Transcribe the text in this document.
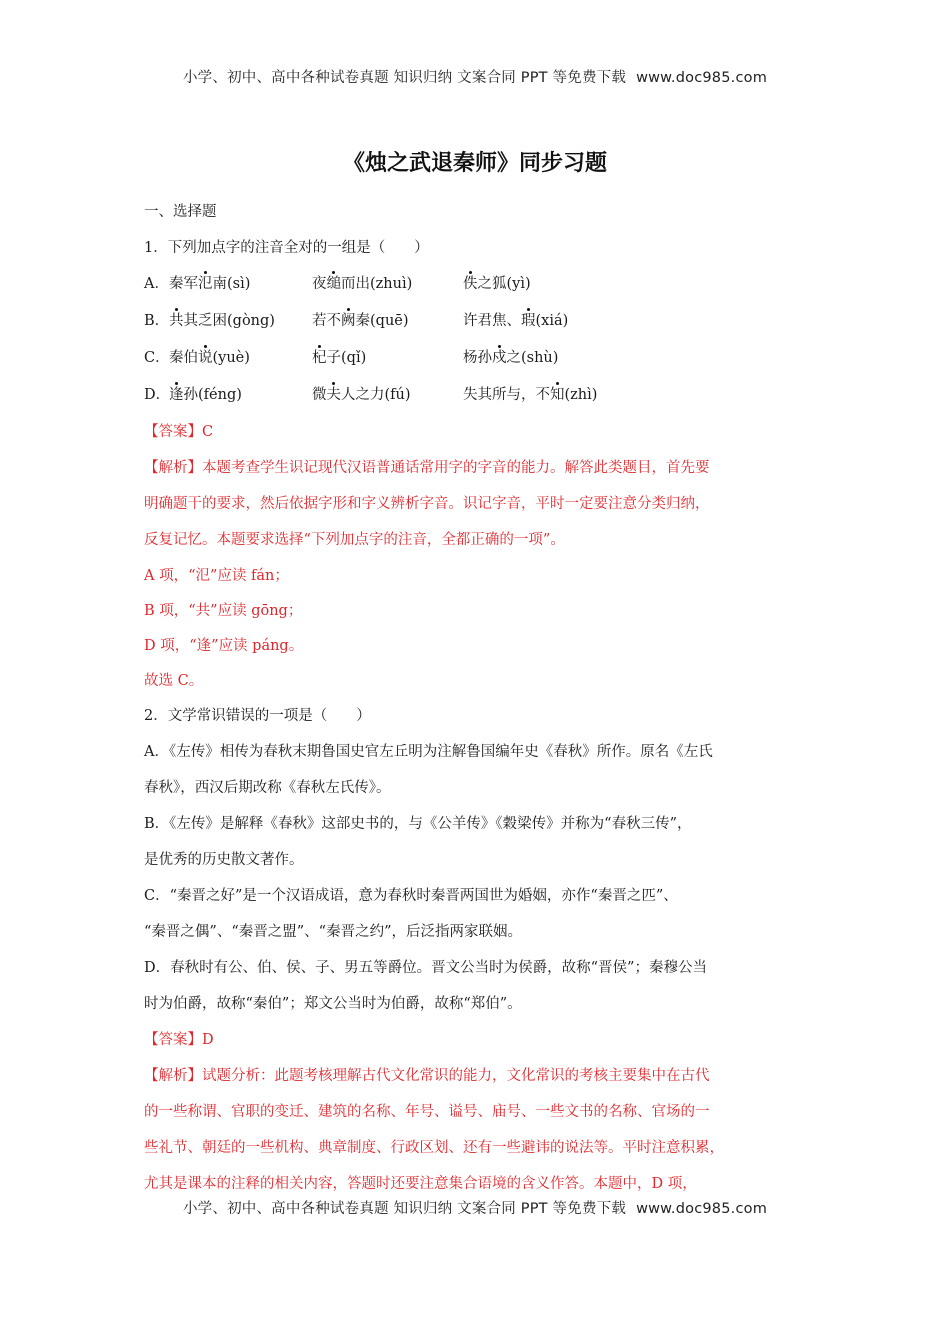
小学、初中、高中各种试卷真题 知识归纳 文案合同 PPT 等免费下载 www.doc985.com
《烛之武退秦师》同步习题
一、选择题
1．下列加点字的注音全对的一组是（　　）
A． 秦军氾南(sì)	夜缒而出(zhuì)	佚之狐(yì)
B． 共其乏困(gòng)	若不阙秦(quē)	许君焦、瑕(xiá)
C． 秦伯说(yuè)	杞子(qǐ)	杨孙戍之(shù)
D．
逢孙(féng)	微夫人之力(fú)	失其所与，不知(zhì)
【答案】C
【解析】本题考查学生识记现代汉语普通话常用字的字音的能力。解答此类题目，首先要
明确题干的要求，然后依据字形和字义辨析字音。识记字音，平时一定要注意分类归纳，
反复记忆。本题要求选择“下列加点字的注音，全都正确的一项”。
A 项，“氾”应读 fán；
B 项，“共”应读 gōng；
D 项，“逢”应读 páng。
故选 C。
2．文学常识错误的一项是（　　）
A．《左传》相传为春秋末期鲁国史官左丘明为注解鲁国编年史《春秋》所作。原名《左氏
春秋》，西汉后期改称《春秋左氏传》。
B．《左传》是解释《春秋》这部史书的，与《公羊传》《穀梁传》并称为“春秋三传”，
是优秀的历史散文著作。
C．“秦晋之好”是一个汉语成语，意为春秋时秦晋两国世为婚姻，亦作“秦晋之匹”、
“秦晋之偶”、“秦晋之盟”、“秦晋之约”，后泛指两家联姻。
D．春秋时有公、伯、侯、子、男五等爵位。晋文公当时为侯爵，故称“晋侯”；秦穆公当
时为伯爵，故称“秦伯”；郑文公当时为伯爵，故称“郑伯”。
【答案】D
【解析】试题分析：此题考核理解古代文化常识的能力，文化常识的考核主要集中在古代
的一些称谓、官职的变迁、建筑的名称、年号、谥号、庙号、一些文书的名称、官场的一
些礼节、朝廷的一些机构、典章制度、行政区划、还有一些避讳的说法等。平时注意积累，
尤其是课本的注释的相关内容，答题时还要注意集合语境的含义作答。本题中，D 项，
小学、初中、高中各种试卷真题 知识归纳 文案合同 PPT 等免费下载 www.doc985.com
